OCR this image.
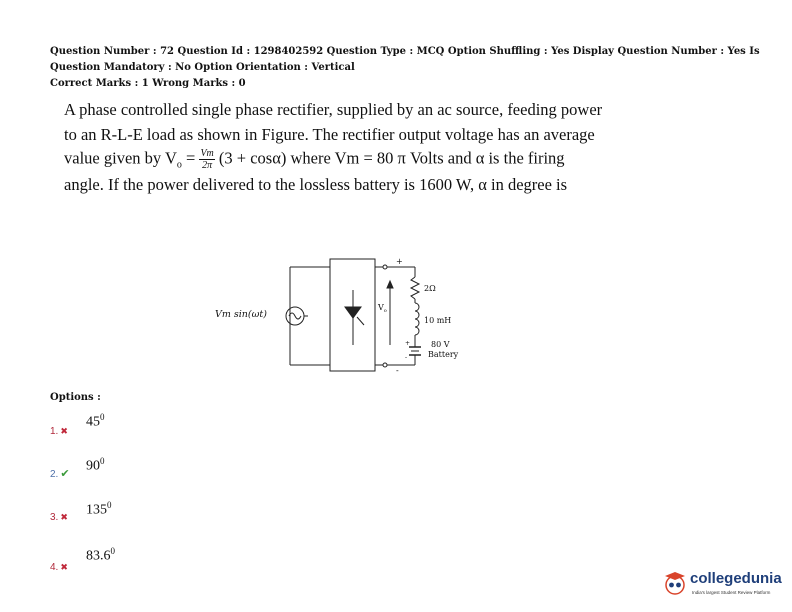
Question Number : 72 Question Id : 1298402592 Question Type : MCQ Option Shuffling : Yes Display Question Number : Yes Is
Question Mandatory : No Option Orientation : Vertical
Correct Marks : 1 Wrong Marks : 0
A phase controlled single phase rectifier, supplied by an ac source, feeding power
to an R-L-E load as shown in Figure. The rectifier output voltage has an average
value given by $V_o = \frac{Vm}{2\pi} (3 + \cos\alpha)$ where Vm = 80 π Volts and α is the firing
angle. If the power delivered to the lossless battery is 1600 W, α in degree is
Vm sin(ωt)
$V_o$
+
-
2Ω
10 mH
80 V
Battery
+
-
Options :
1. ✖
$45^0$
2. ✔
$90^0$
3. ✖ $135^0$
4. ✖
83.6$^0$
collegedunia
India's largest Student Review Platform
